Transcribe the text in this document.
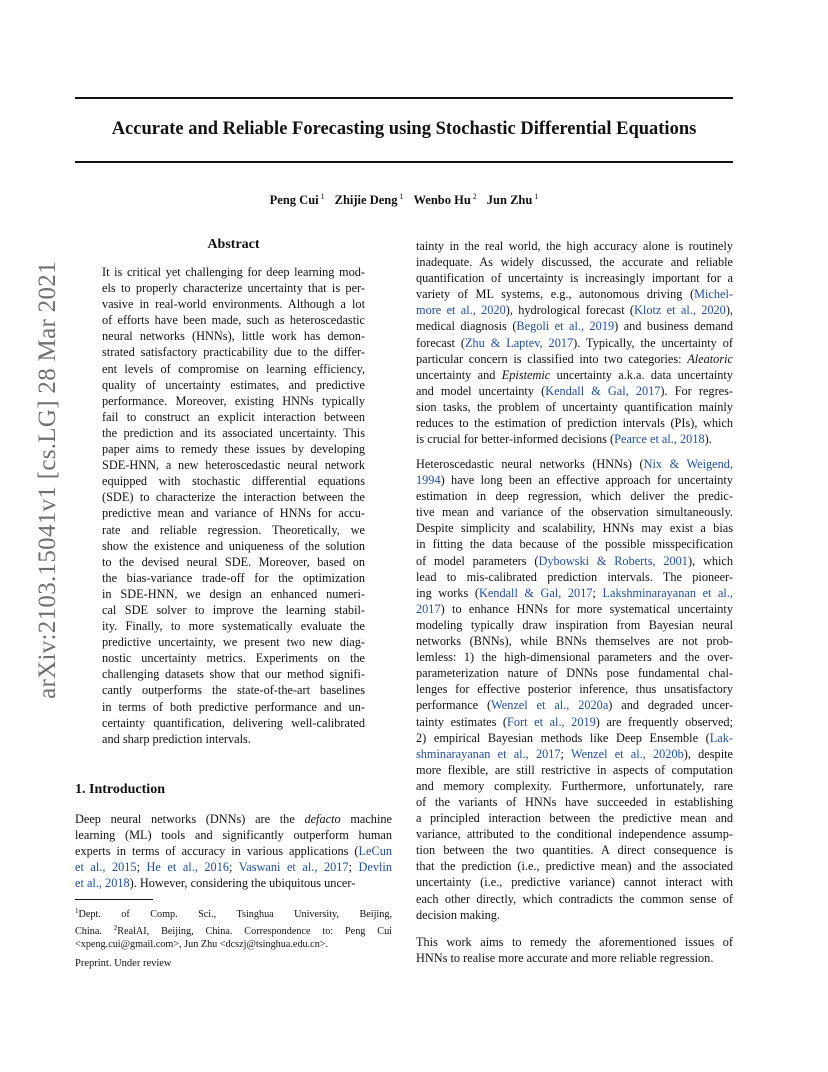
Accurate and Reliable Forecasting using Stochastic Differential Equations
Peng Cui $^1$ Zhijie Deng $^1$ Wenbo Hu $^2$ Jun Zhu $^1$
arXiv:2103.15041v1 [cs.LG] 28 Mar 2021
Abstract

It is critical yet challenging for deep learning mod-
els to properly characterize uncertainty that is per-
vasive in real-world environments. Although a lot
of efforts have been made, such as heteroscedastic
neural networks (HNNs), little work has demon-
strated satisfactory practicability due to the differ-
ent levels of compromise on learning efficiency,
quality of uncertainty estimates, and predictive
performance. Moreover, existing HNNs typically
fail to construct an explicit interaction between
the prediction and its associated uncertainty. This
paper aims to remedy these issues by developing
SDE-HNN, a new heteroscedastic neural network
equipped with stochastic differential equations
(SDE) to characterize the interaction between the
predictive mean and variance of HNNs for accu-
rate and reliable regression. Theoretically, we
show the existence and uniqueness of the solution
to the devised neural SDE. Moreover, based on
the bias-variance trade-off for the optimization
in SDE-HNN, we design an enhanced numeri-
cal SDE solver to improve the learning stabil-
ity. Finally, to more systematically evaluate the
predictive uncertainty, we present two new diag-
nostic uncertainty metrics. Experiments on the
challenging datasets show that our method signifi-
cantly outperforms the state-of-the-art baselines
in terms of both predictive performance and un-
certainty quantification, delivering well-calibrated
and sharp prediction intervals.

1. Introduction

Deep neural networks (DNNs) are the defacto machine
learning (ML) tools and significantly outperform human
experts in terms of accuracy in various applications (LeCun
et al., 2015; He et al., 2016; Vaswani et al., 2017; Devlin
et al., 2018). However, considering the ubiquitous uncer-

tainty in the real world, the high accuracy alone is routinely
inadequate. As widely discussed, the accurate and reliable
quantification of uncertainty is increasingly important for a
variety of ML systems, e.g., autonomous driving (Michel-
more et al., 2020), hydrological forecast (Klotz et al., 2020),
medical diagnosis (Begoli et al., 2019) and business demand
forecast (Zhu & Laptev, 2017). Typically, the uncertainty of
particular concern is classified into two categories: Aleatoric
uncertainty and Epistemic uncertainty a.k.a. data uncertainty
and model uncertainty (Kendall & Gal, 2017). For regres-
sion tasks, the problem of uncertainty quantification mainly
reduces to the estimation of prediction intervals (PIs), which
is crucial for better-informed decisions (Pearce et al., 2018).

Heteroscedastic neural networks (HNNs) (Nix & Weigend,
1994) have long been an effective approach for uncertainty
estimation in deep regression, which deliver the predic-
tive mean and variance of the observation simultaneously.
Despite simplicity and scalability, HNNs may exist a bias
in fitting the data because of the possible misspecification
of model parameters (Dybowski & Roberts, 2001), which
lead to mis-calibrated prediction intervals. The pioneer-
ing works (Kendall & Gal, 2017; Lakshminarayanan et al.,
2017) to enhance HNNs for more systematical uncertainty
modeling typically draw inspiration from Bayesian neural
networks (BNNs), while BNNs themselves are not prob-
lemless: 1) the high-dimensional parameters and the over-
parameterization nature of DNNs pose fundamental chal-
lenges for effective posterior inference, thus unsatisfactory
performance (Wenzel et al., 2020a) and degraded uncer-
tainty estimates (Fort et al., 2019) are frequently observed;
2) empirical Bayesian methods like Deep Ensemble (Lak-
shminarayanan et al., 2017; Wenzel et al., 2020b), despite
more flexible, are still restrictive in aspects of computation
and memory complexity. Furthermore, unfortunately, rare
of the variants of HNNs have succeeded in establishing
a principled interaction between the predictive mean and
variance, attributed to the conditional independence assump-
tion between the two quantities. A direct consequence is
that the prediction (i.e., predictive mean) and the associated
uncertainty (i.e., predictive variance) cannot interact with
each other directly, which contradicts the common sense of
decision making.

This work aims to remedy the aforementioned issues of
HNNs to realise more accurate and more reliable regression.

$^1$Dept. of Comp. Sci., Tsinghua University, Beijing,
China. $^2$RealAI, Beijing, China. Correspondence to: Peng Cui
<xpeng.cui@gmail.com>, Jun Zhu <dcszj@tsinghua.edu.cn>.

Preprint. Under review
